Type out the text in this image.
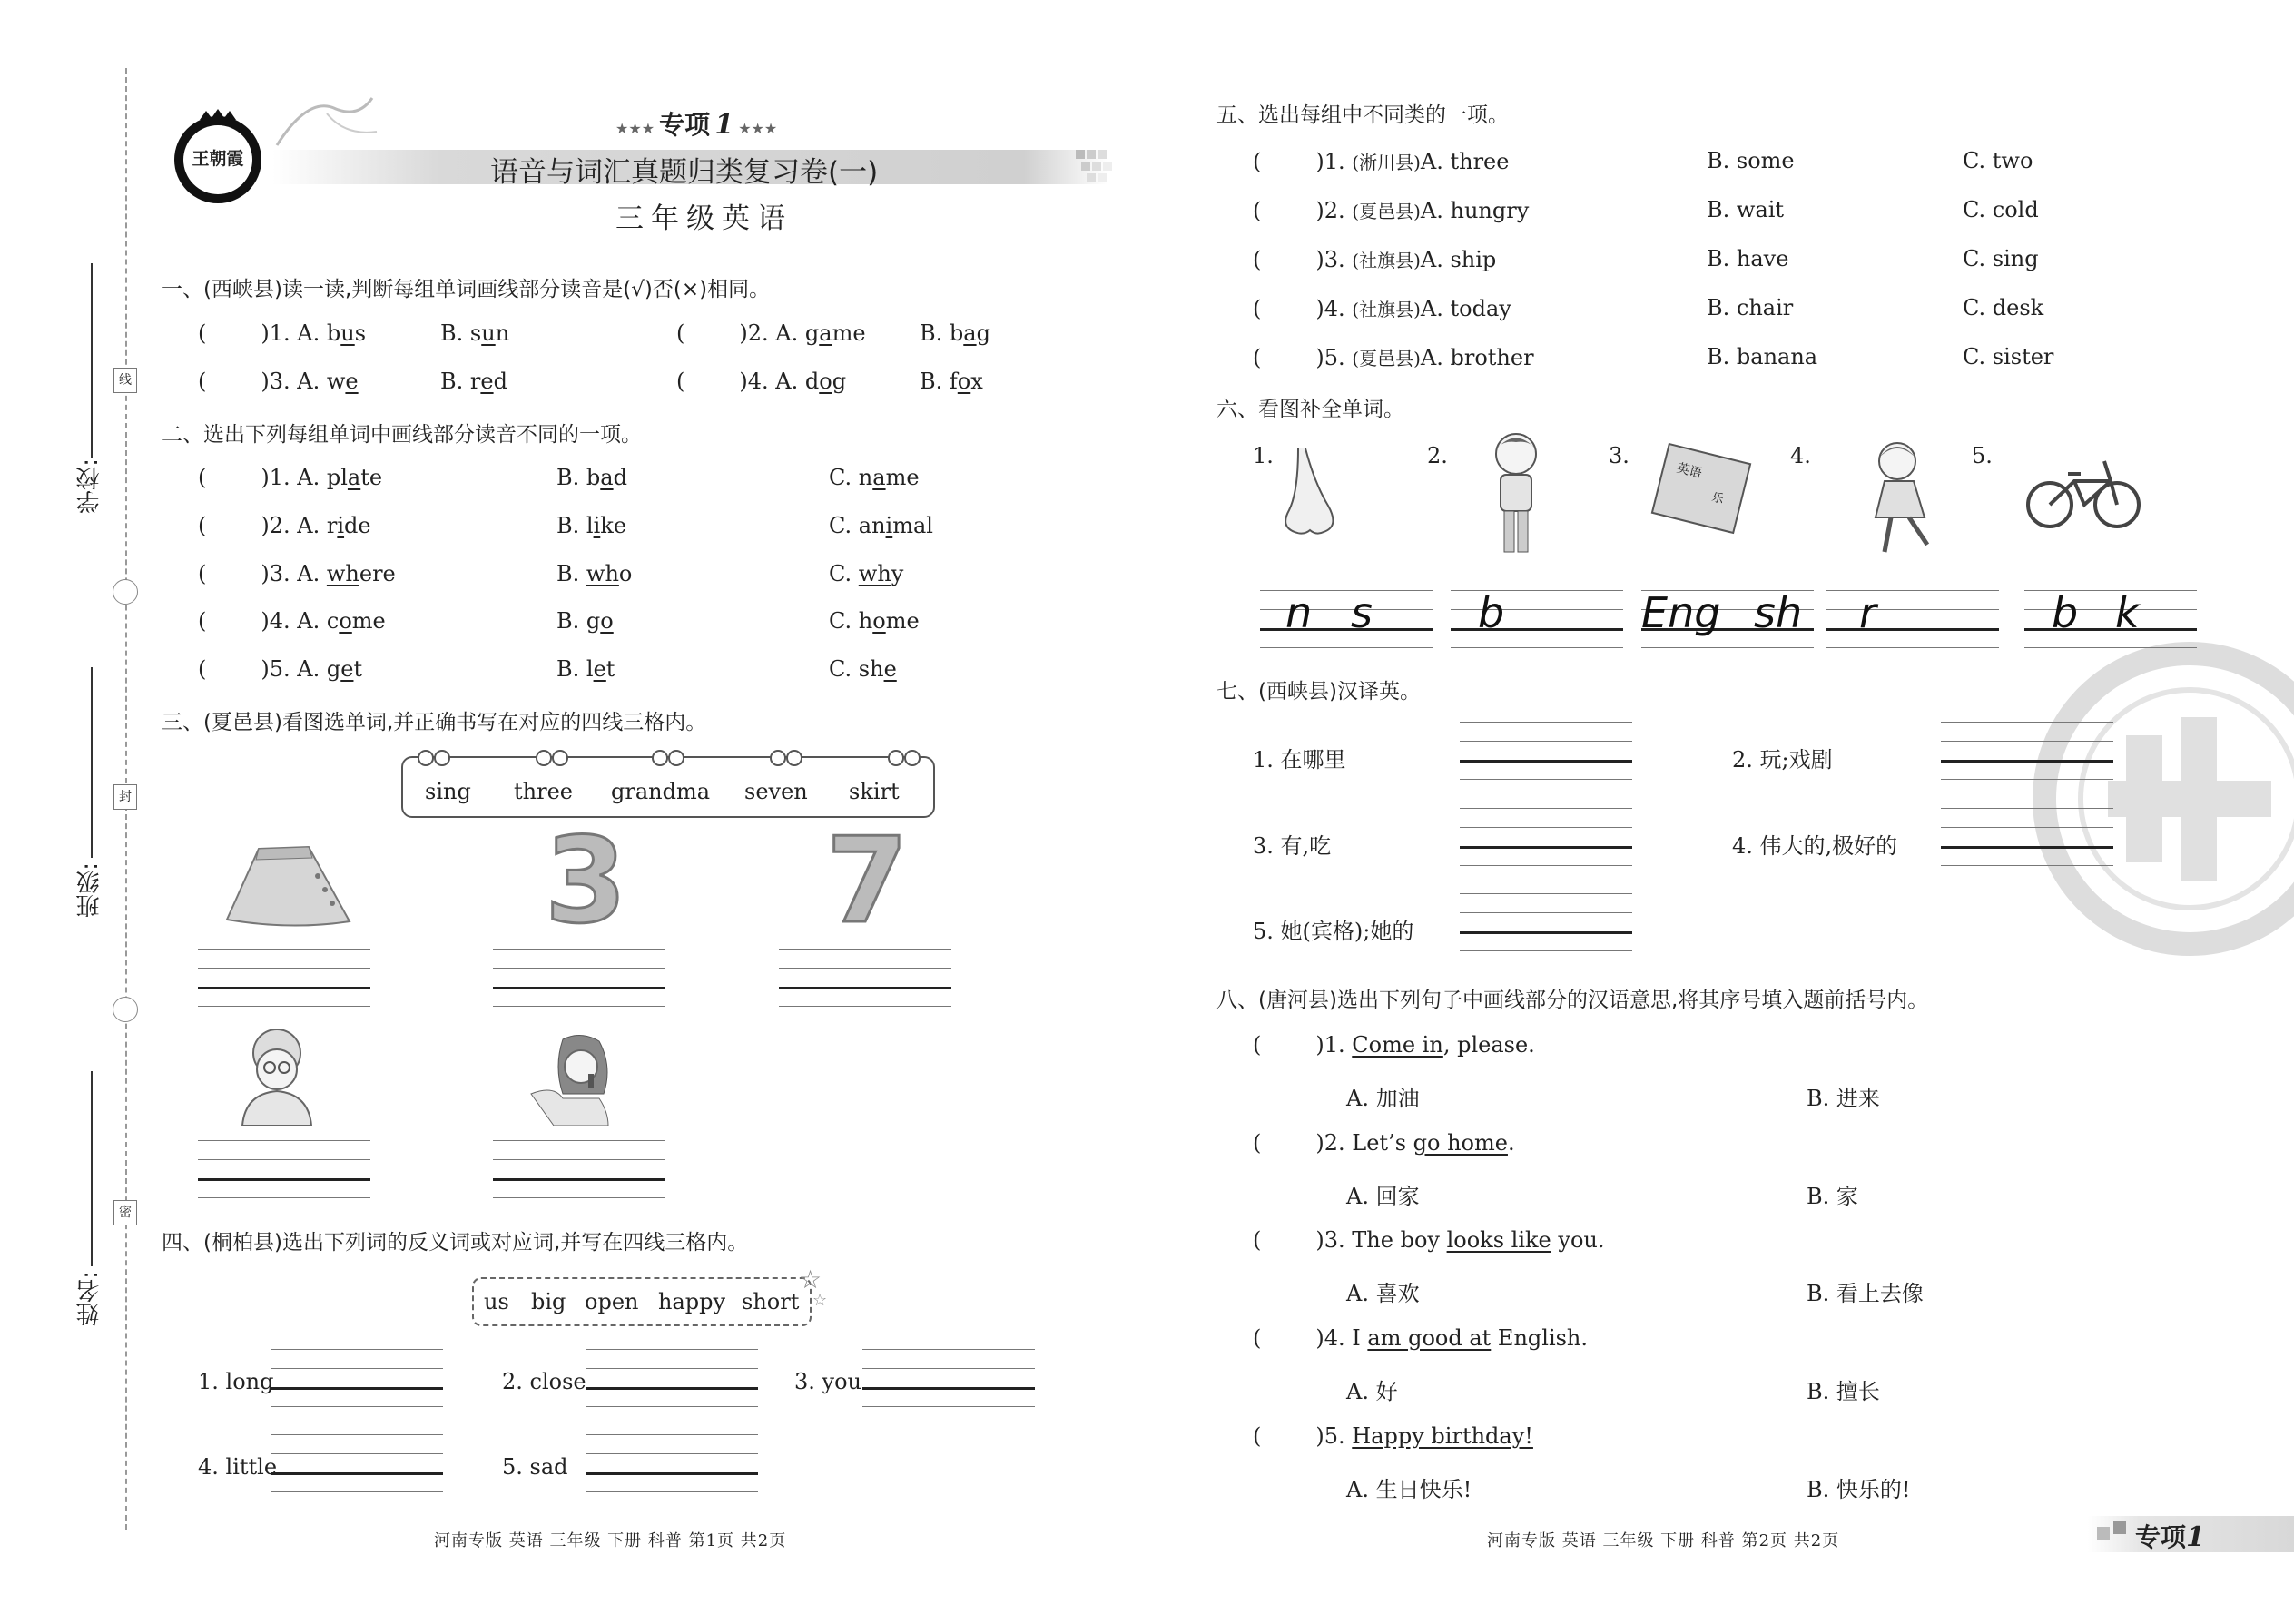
线
封
密
学校:
班级:
姓名:
王朝霞
★★★ 专项 1 ★★★
语音与词汇真题归类复习卷(一)
三年级英语
一、(西峡县)读一读,判断每组单词画线部分读音是(√)否(×)相同。
(	)1. A. bus	B. sun	(	)2. A. game B. bag
(	)3. A. we	B. red	(	)4. A. dog	B. fox
二、选出下列每组单词中画线部分读音不同的一项。
(	)1. A. plate	B. bad	C. name
(	)2. A. ride	B. like	C. animal
(	)3. A. where	B. who	C. why
(	)4. A. come	B. go	C. home
(	)5. A. get	B. let	C. she
三、(夏邑县)看图选单词,并正确书写在对应的四线三格内。
sing three grandma seven skirt
3 7
四、(桐柏县)选出下列词的反义词或对应词,并写在四线三格内。
☆
☆
us big open happy short
1. long	2. close	3. you
4. little	5. sad
河南专版 英语 三年级 下册 科普 第1页 共2页
五、选出每组中不同类的一项。
(	)1. (淅川县)A. three	B. some	C. two
(	)2. (夏邑县)A. hungry	B. wait	C. cold
(	)3. (社旗县)A. ship	B. have	C. sing
(	)4. (社旗县)A. today	B. chair	C. desk
(	)5. (夏邑县)A. brother	B. banana	C. sister
六、看图补全单词。
1.	2.	3.	4.	5.
英语
乐
n s	b	Eng sh r	b k
七、(西峡县)汉译英。
1. 在哪里	2. 玩;戏剧
3. 有,吃	4. 伟大的,极好的
5. 她(宾格);她的
八、(唐河县)选出下列句子中画线部分的汉语意思,将其序号填入题前括号内。
(	)1. Come in, please.
A. 加油	B. 进来
(	)2. Let’s go home.
A. 回家	B. 家
(	)3. The boy looks like you.
A. 喜欢	B. 看上去像
(	)4. I am good at English.
A. 好	B. 擅长
(	)5. Happy birthday!
A. 生日快乐!	B. 快乐的!
河南专版 英语 三年级 下册 科普 第2页 共2页	专项1
